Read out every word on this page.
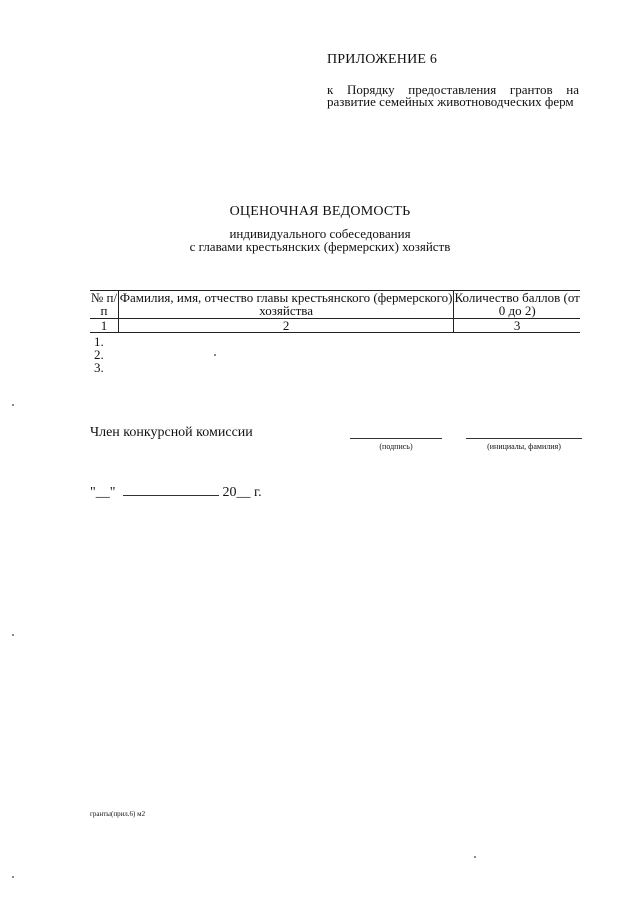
ПРИЛОЖЕНИЕ 6
к Порядку предоставления грантов на развитие семейных животноводческих ферм
ОЦЕНОЧНАЯ ВЕДОМОСТЬ
индивидуального собеседования
с главами крестьянских (фермерских) хозяйств
№ п/п	Фамилия, имя, отчество главы крестьянского (фермерского) хозяйства	Количество баллов (от 0 до 2)
1	2	3
1.
2.
3.
Член конкурсной комиссии
(подпись)	(инициалы, фамилия)
"__"	20__ г.
гранты(прил.6) м2
